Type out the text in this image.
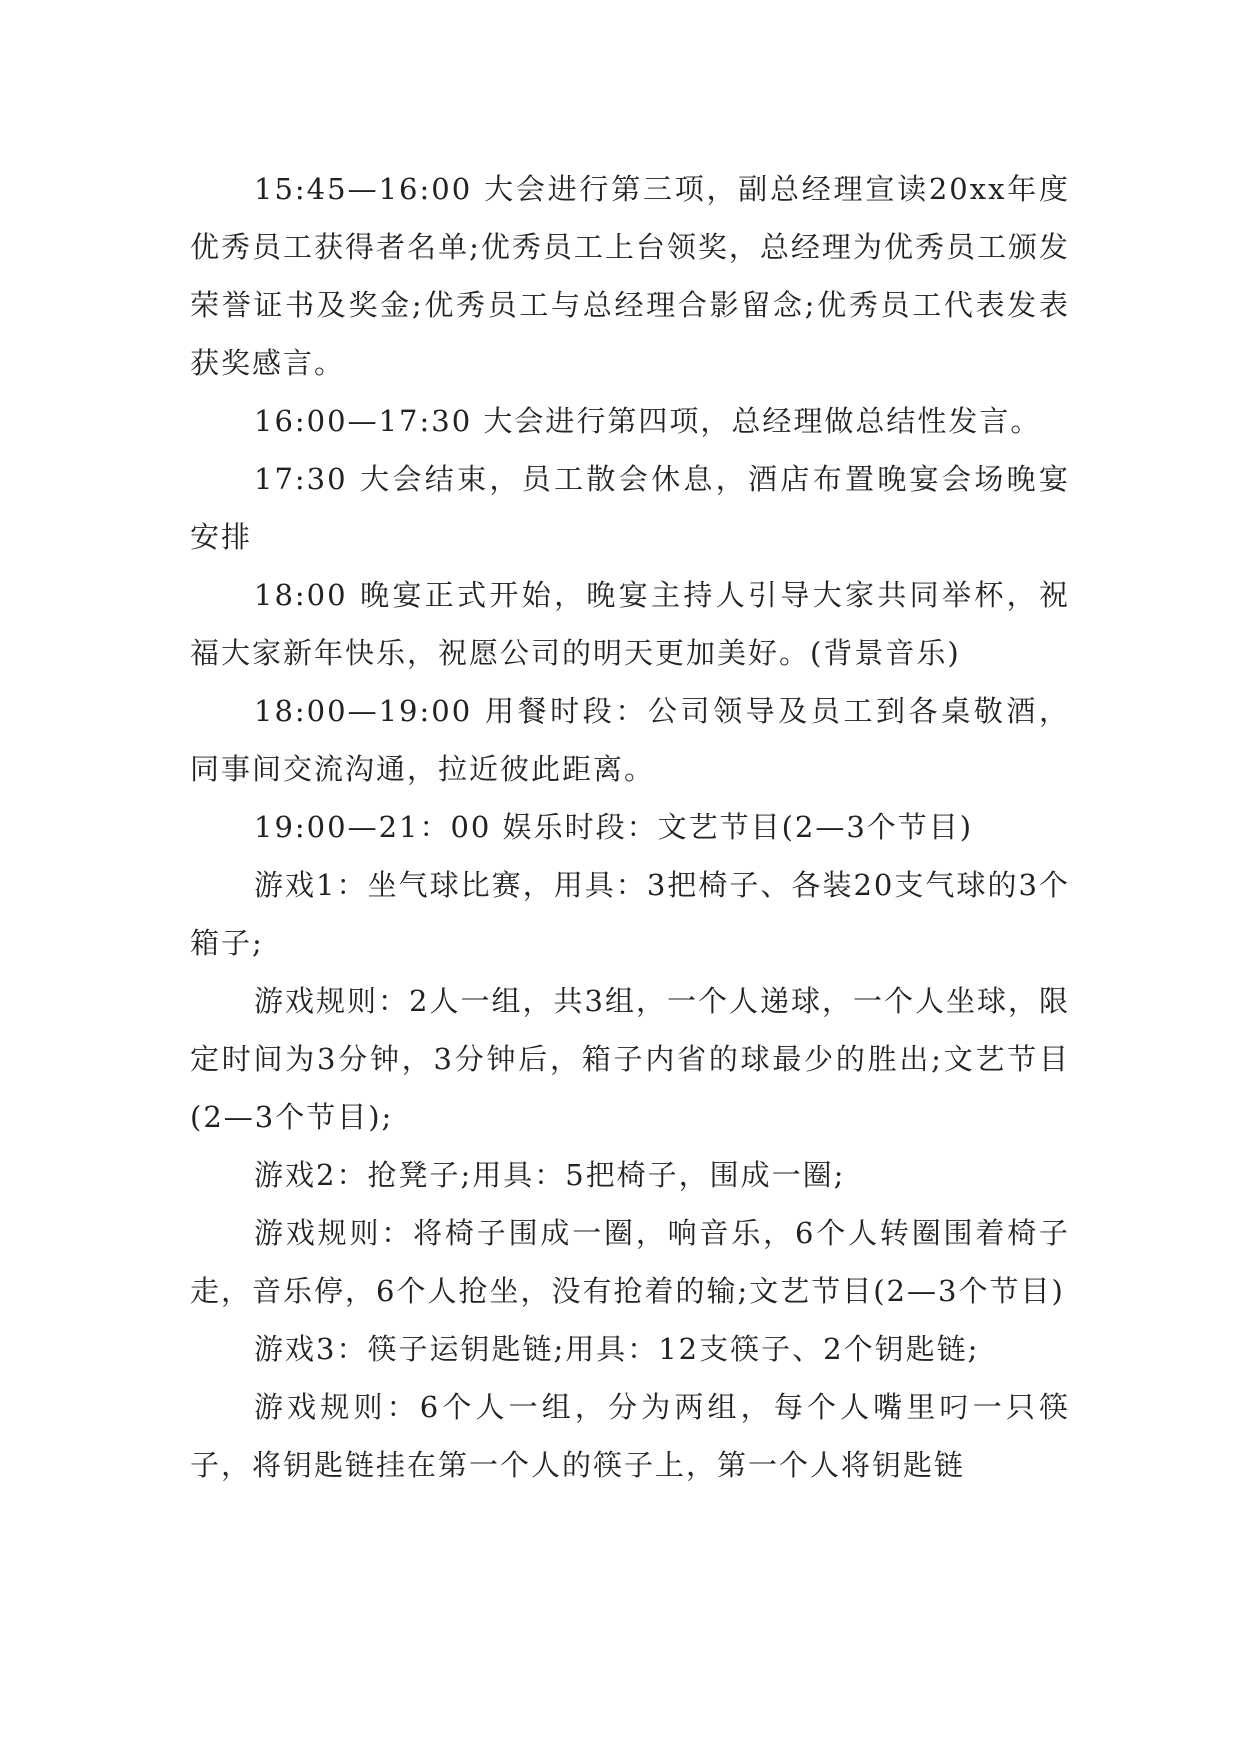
15:45—16:00 大会进行第三项，副总经理宣读20xx年度优秀员工获得者名单;优秀员工上台领奖，总经理为优秀员工颁发荣誉证书及奖金;优秀员工与总经理合影留念;优秀员工代表发表获奖感言。

16:00—17:30 大会进行第四项，总经理做总结性发言。

17:30 大会结束，员工散会休息，酒店布置晚宴会场晚宴安排

18:00 晚宴正式开始，晚宴主持人引导大家共同举杯，祝福大家新年快乐，祝愿公司的明天更加美好。(背景音乐)

18:00—19:00 用餐时段：公司领导及员工到各桌敬酒，同事间交流沟通，拉近彼此距离。

19:00—21：00 娱乐时段：文艺节目(2—3个节目)

游戏1：坐气球比赛，用具：3把椅子、各装20支气球的3个箱子;

游戏规则：2人一组，共3组，一个人递球，一个人坐球，限定时间为3分钟，3分钟后，箱子内省的球最少的胜出;文艺节目(2—3个节目);

游戏2：抢凳子;用具：5把椅子，围成一圈;

游戏规则：将椅子围成一圈，响音乐，6个人转圈围着椅子走，音乐停，6个人抢坐，没有抢着的输;文艺节目(2—3个节目)

游戏3：筷子运钥匙链;用具：12支筷子、2个钥匙链;

游戏规则：6个人一组，分为两组，每个人嘴里叼一只筷子，将钥匙链挂在第一个人的筷子上，第一个人将钥匙链
